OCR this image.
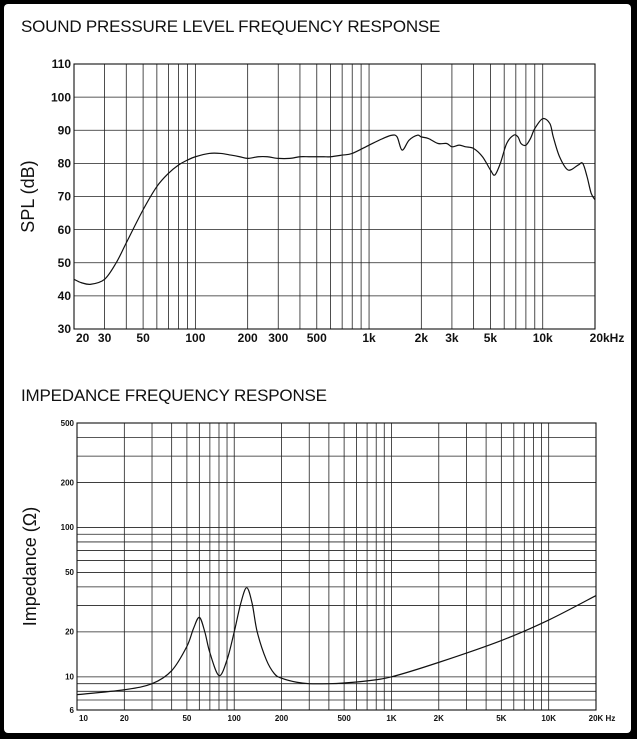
SOUND PRESSURE LEVEL FREQUENCY RESPONSE
IMPEDANCE FREQUENCY RESPONSE
20 30 50	100	200 300 500	1k	2k 3k 5k	10k	20kHz
30
40
50
60
70
80
90
100
110
SPL (dB)
10	20	50	100	200	500	1K	2K	5K	10K	20K Hz
6
10
20
50
100
200
500
Impedance (Ω)
